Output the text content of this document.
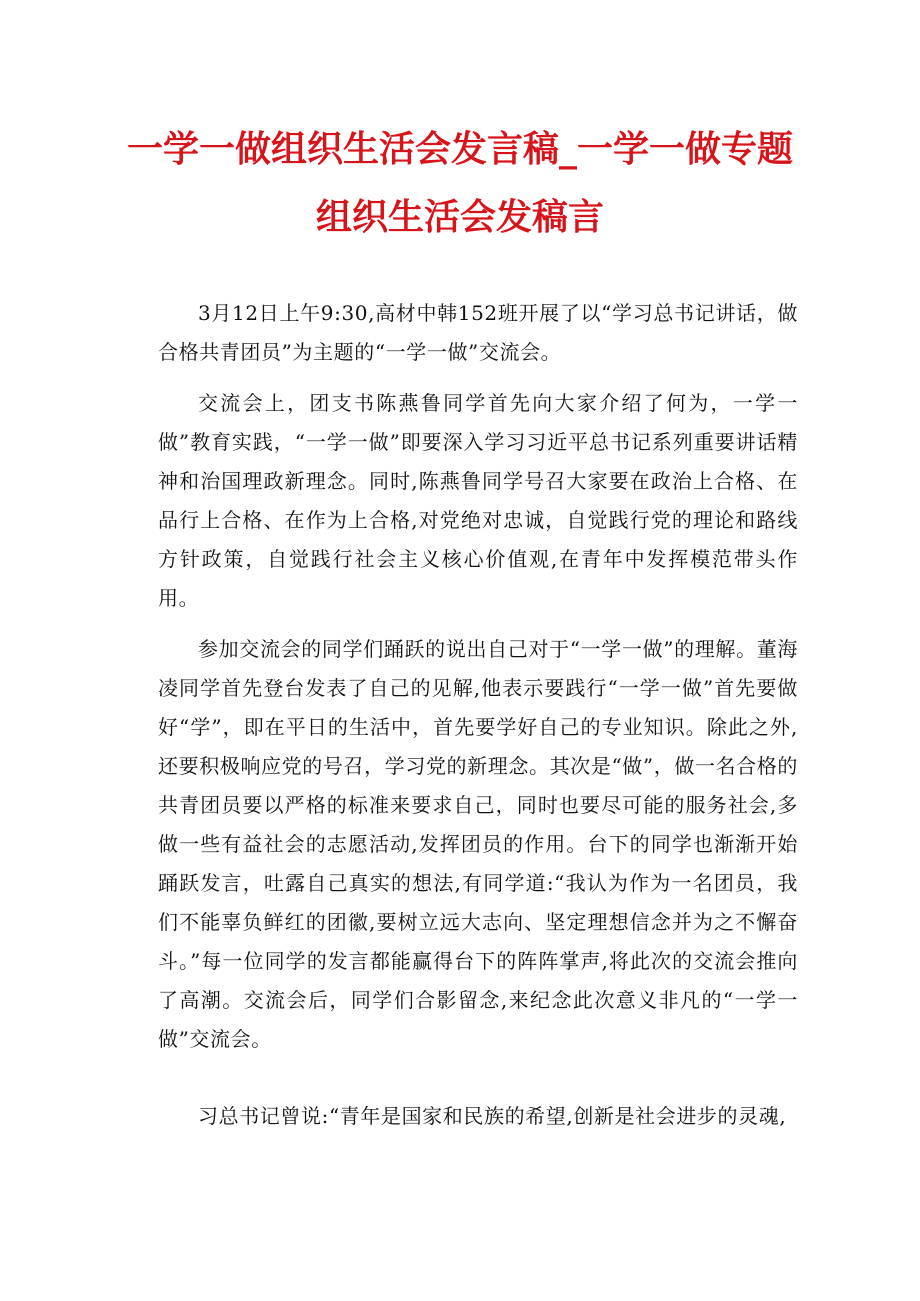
一学一做组织生活会发言稿_一学一做专题
组织生活会发稿言

3月12日上午9:30,高材中韩152班开展了以“学习总书记讲话，做合格共青团员”为主题的“一学一做”交流会。

交流会上，团支书陈燕鲁同学首先向大家介绍了何为，一学一做”教育实践，“一学一做”即要深入学习习近平总书记系列重要讲话精神和治国理政新理念。同时,陈燕鲁同学号召大家要在政治上合格、在品行上合格、在作为上合格,对党绝对忠诚，自觉践行党的理论和路线方针政策，自觉践行社会主义核心价值观,在青年中发挥模范带头作用。

参加交流会的同学们踊跃的说出自己对于“一学一做”的理解。董海凌同学首先登台发表了自己的见解,他表示要践行“一学一做”首先要做好“学”，即在平日的生活中，首先要学好自己的专业知识。除此之外,还要积极响应党的号召，学习党的新理念。其次是“做”，做一名合格的共青团员要以严格的标准来要求自己，同时也要尽可能的服务社会,多做一些有益社会的志愿活动,发挥团员的作用。台下的同学也渐渐开始踊跃发言，吐露自己真实的想法,有同学道:“我认为作为一名团员，我们不能辜负鲜红的团徽,要树立远大志向、坚定理想信念并为之不懈奋斗。”每一位同学的发言都能赢得台下的阵阵掌声,将此次的交流会推向了高潮。交流会后，同学们合影留念,来纪念此次意义非凡的“一学一做”交流会。

习总书记曾说:“青年是国家和民族的希望,创新是社会进步的灵魂,
